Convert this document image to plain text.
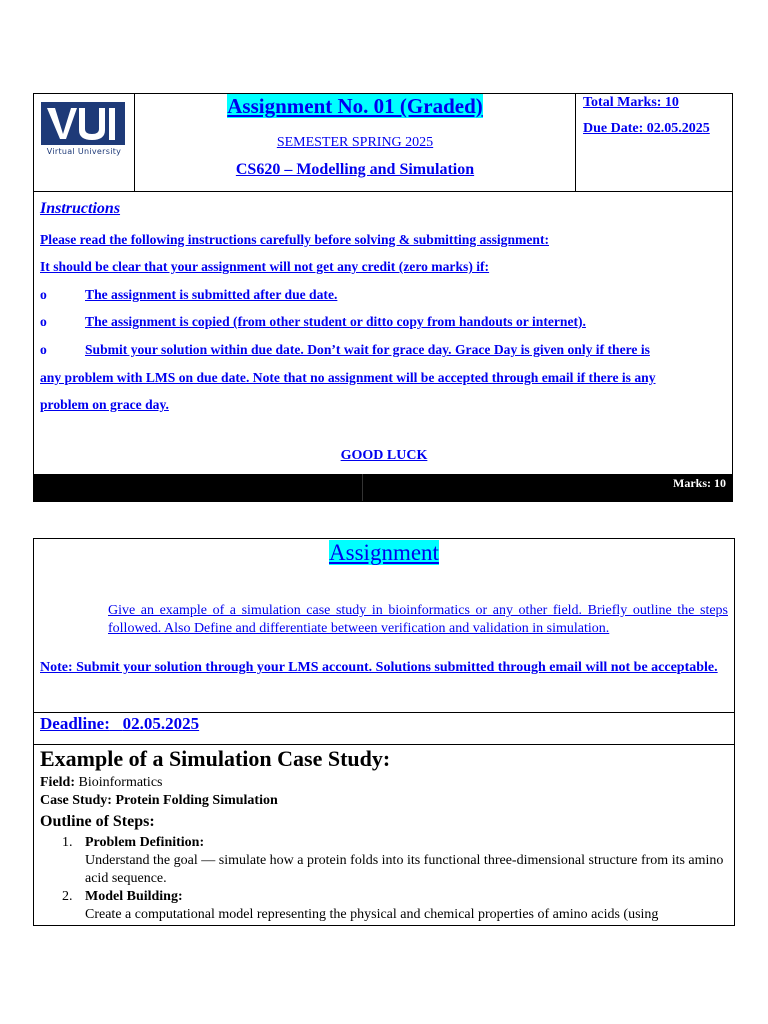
Virtual University
Assignment No. 01 (Graded)
SEMESTER SPRING 2025
CS620 – Modelling and Simulation
Total Marks: 10
Due Date: 02.05.2025
Instructions
Please read the following instructions carefully before solving & submitting assignment:
It should be clear that your assignment will not get any credit (zero marks) if:
o	The assignment is submitted after due date.
o	The assignment is copied (from other student or ditto copy from handouts or internet).
o	Submit your solution within due date. Don’t wait for grace day. Grace Day is given only if there is
any problem with LMS on due date. Note that no assignment will be accepted through email if there is any
problem on grace day.
GOOD LUCK
Marks: 10
Assignment
Give an example of a simulation case study in bioinformatics or any other field. Briefly outline the steps followed. Also Define and differentiate between verification and validation in simulation.
Note: Submit your solution through your LMS account. Solutions submitted through email will not be acceptable.
Deadline: 02.05.2025
Example of a Simulation Case Study:
Field: Bioinformatics
Case Study: Protein Folding Simulation
Outline of Steps:
1. Problem Definition:
Understand the goal — simulate how a protein folds into its functional three-dimensional structure from its amino acid sequence.
2. Model Building:
Create a computational model representing the physical and chemical properties of amino acids (using
